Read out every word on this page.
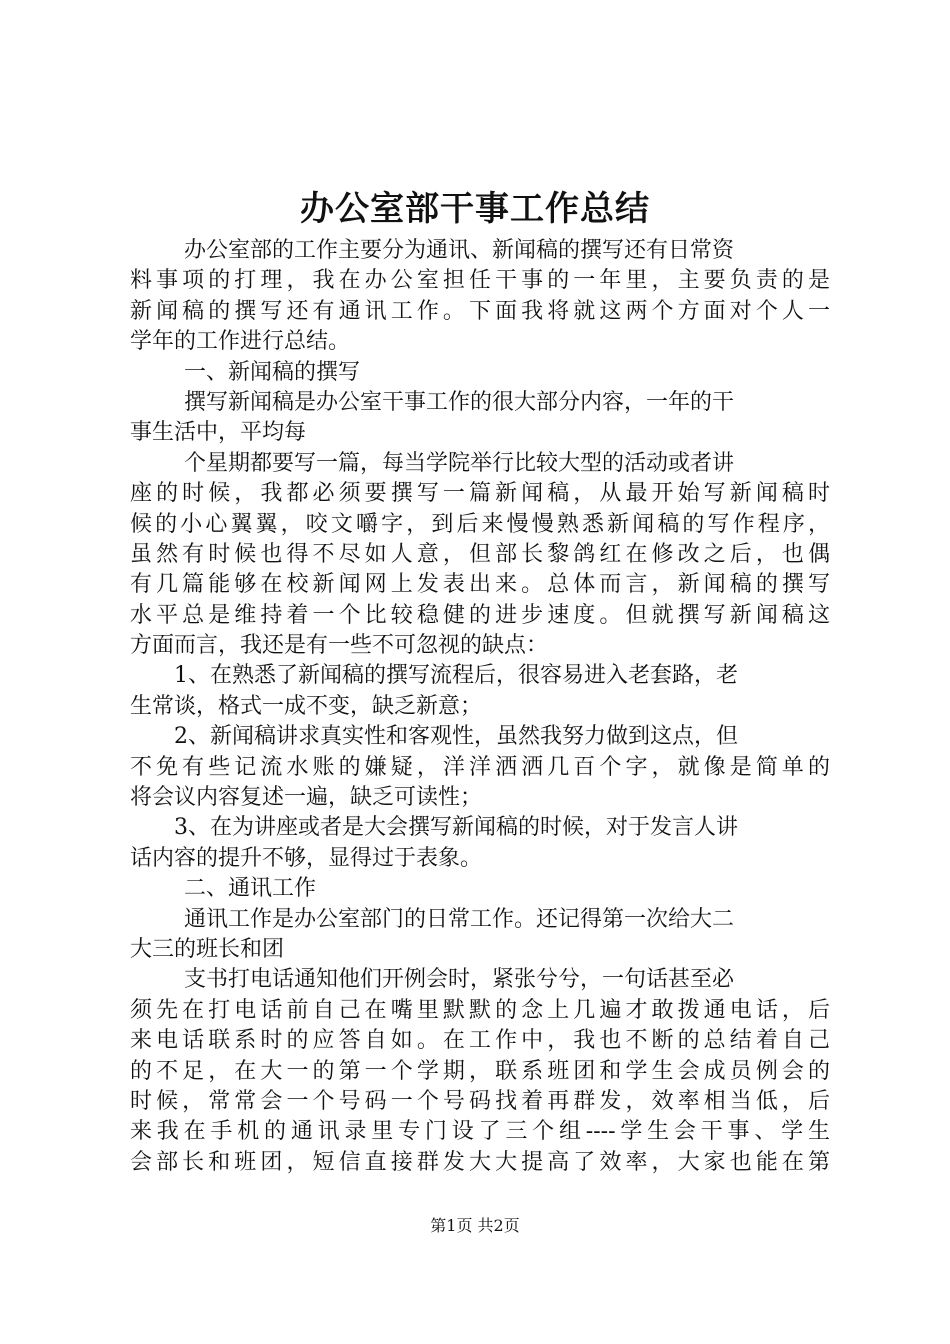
办公室部干事工作总结
办公室部的工作主要分为通讯、新闻稿的撰写还有日常资
料事项的打理，我在办公室担任干事的一年里，主要负责的是
新闻稿的撰写还有通讯工作。下面我将就这两个方面对个人一
学年的工作进行总结。
一、新闻稿的撰写
撰写新闻稿是办公室干事工作的很大部分内容，一年的干
事生活中，平均每
个星期都要写一篇，每当学院举行比较大型的活动或者讲
座的时候，我都必须要撰写一篇新闻稿，从最开始写新闻稿时
候的小心翼翼，咬文嚼字，到后来慢慢熟悉新闻稿的写作程序，
虽然有时候也得不尽如人意，但部长黎鸽红在修改之后，也偶
有几篇能够在校新闻网上发表出来。总体而言，新闻稿的撰写
水平总是维持着一个比较稳健的进步速度。但就撰写新闻稿这
方面而言，我还是有一些不可忽视的缺点：
1、在熟悉了新闻稿的撰写流程后，很容易进入老套路，老
生常谈，格式一成不变，缺乏新意；
2、新闻稿讲求真实性和客观性，虽然我努力做到这点，但
不免有些记流水账的嫌疑，洋洋洒洒几百个字，就像是简单的
将会议内容复述一遍，缺乏可读性；
3、在为讲座或者是大会撰写新闻稿的时候，对于发言人讲
话内容的提升不够，显得过于表象。
二、通讯工作
通讯工作是办公室部门的日常工作。还记得第一次给大二
大三的班长和团
支书打电话通知他们开例会时，紧张兮兮，一句话甚至必
须先在打电话前自己在嘴里默默的念上几遍才敢拨通电话，后
来电话联系时的应答自如。在工作中，我也不断的总结着自己
的不足，在大一的第一个学期，联系班团和学生会成员例会的
时候，常常会一个号码一个号码找着再群发，效率相当低，后
来我在手机的通讯录里专门设了三个组----学生会干事、学生
会部长和班团，短信直接群发大大提高了效率，大家也能在第
第1页 共2页
